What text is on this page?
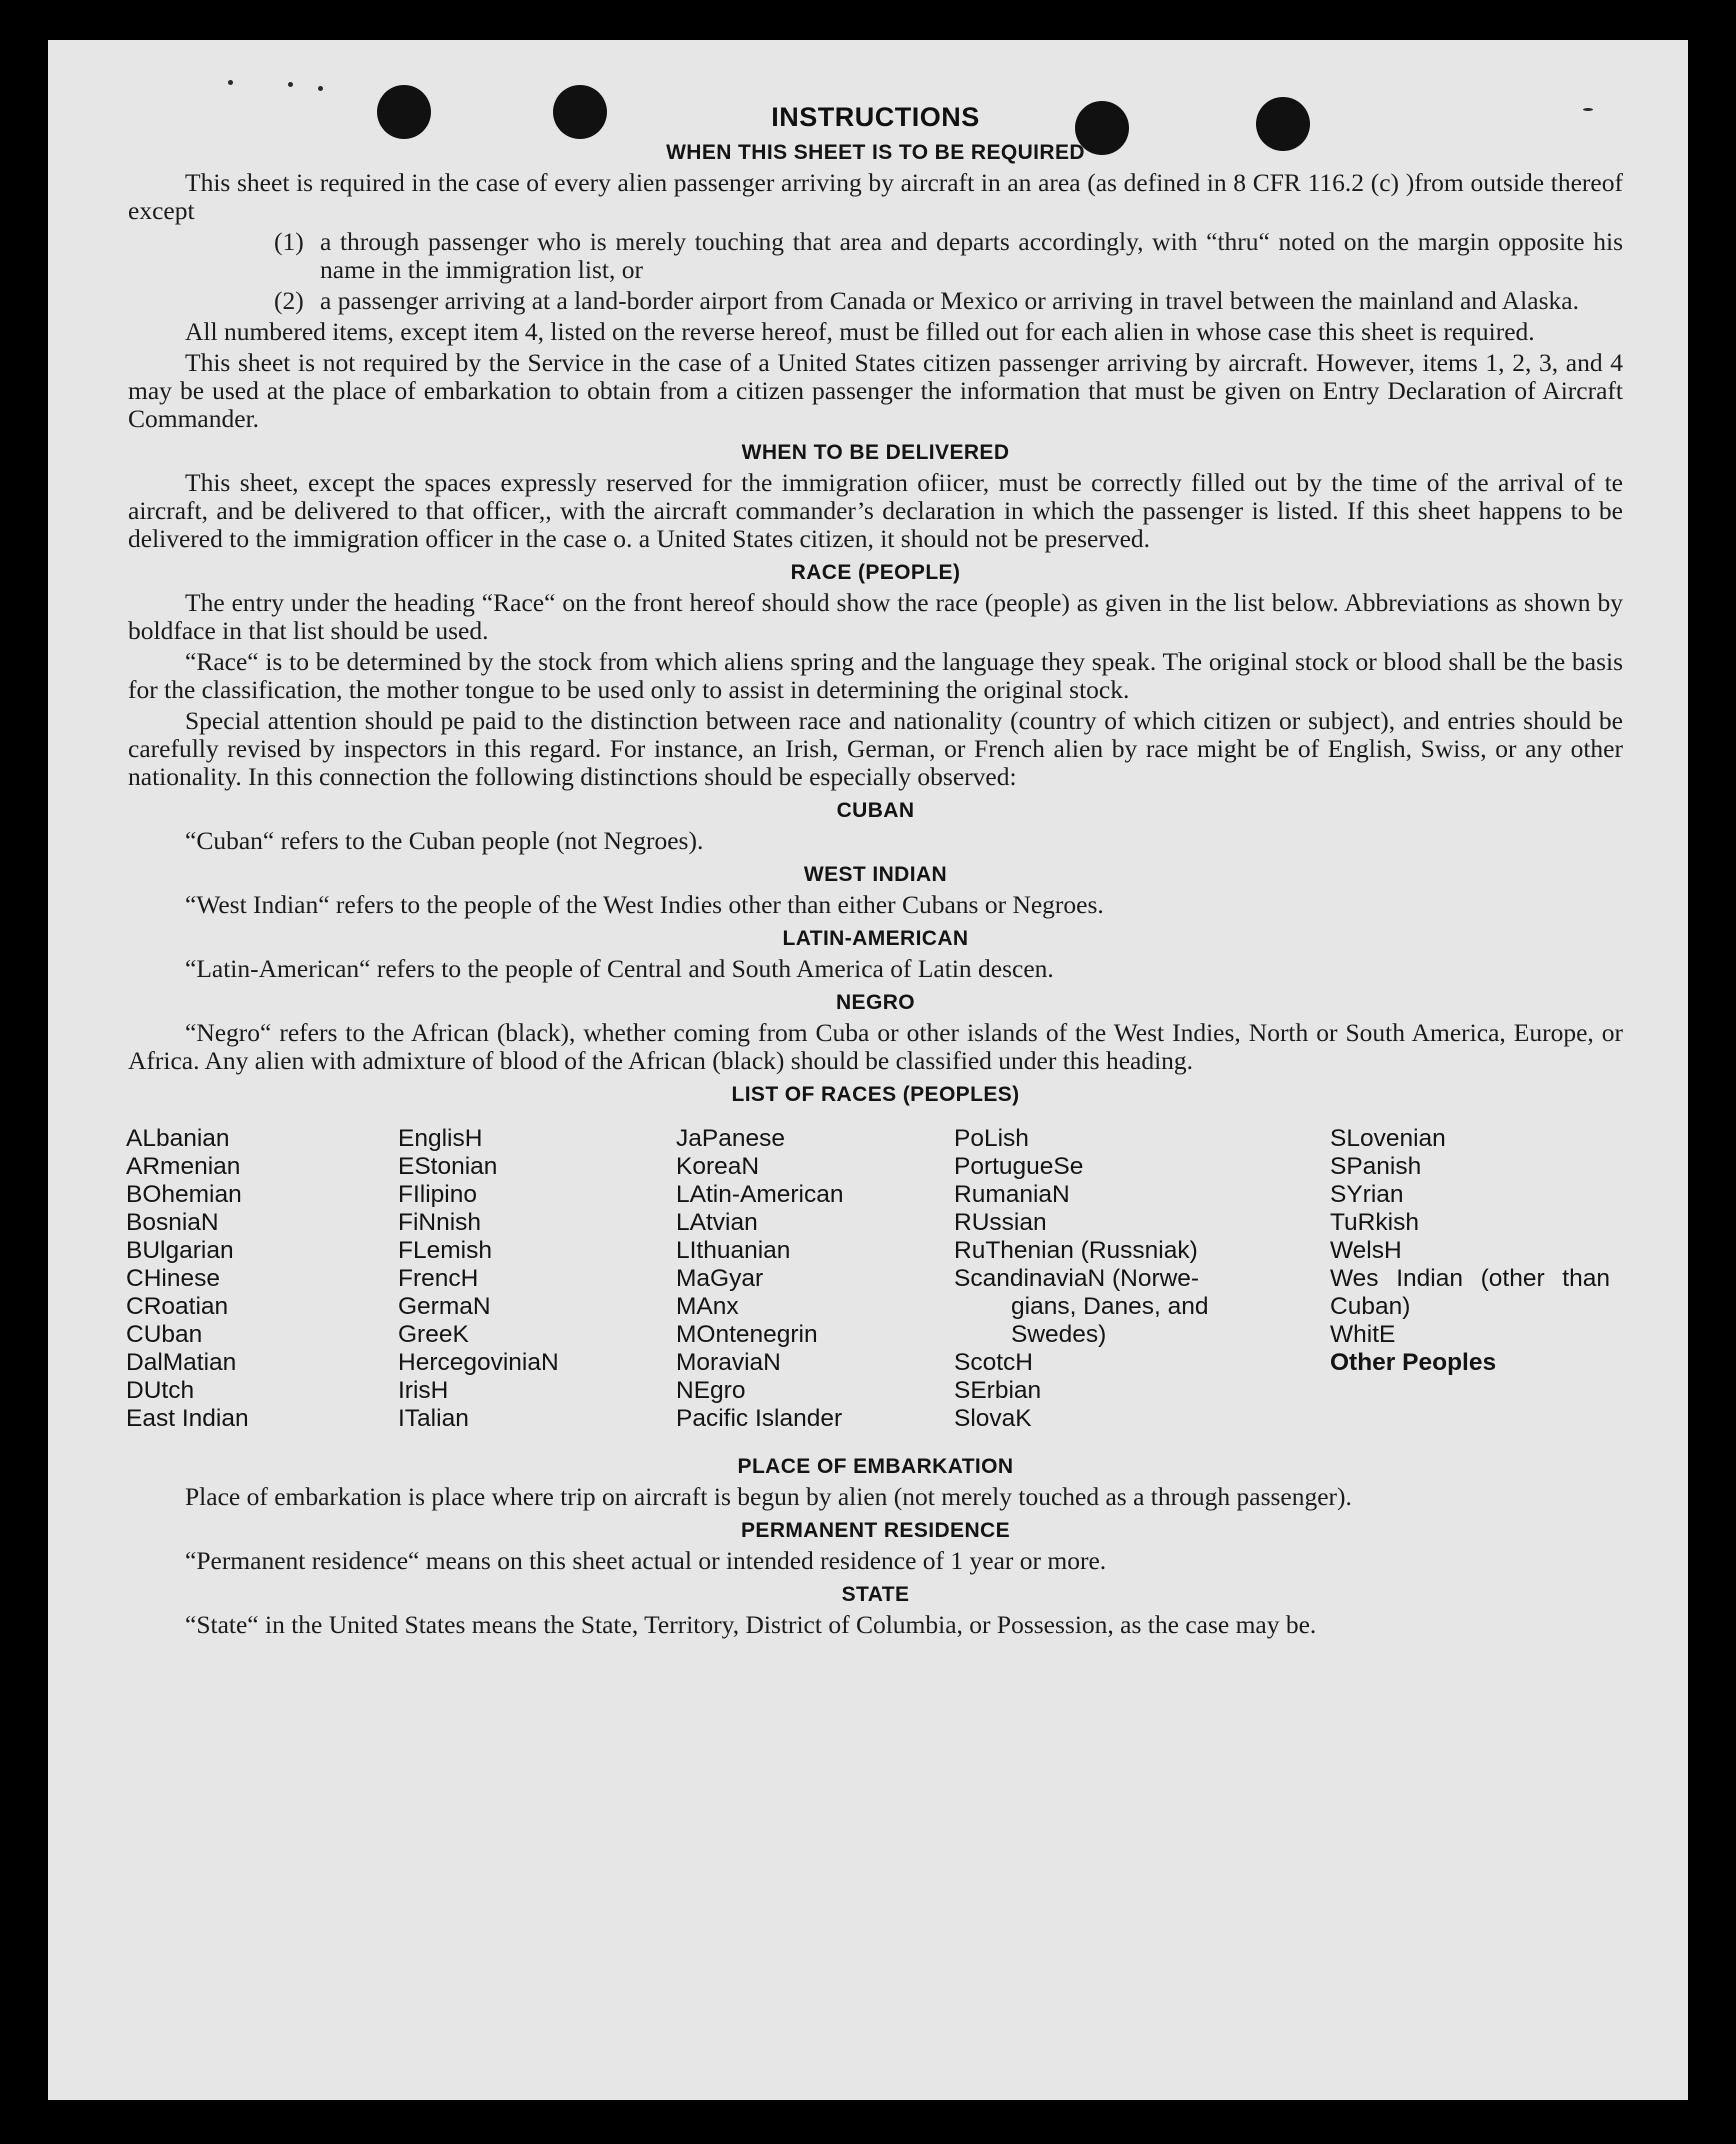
INSTRUCTIONS
WHEN THIS SHEET IS TO BE REQUIRED

This sheet is required in the case of every alien passenger arriving by aircraft in an area (as defined in 8 CFR 116.2 (c) )from outside thereof except

(1) a through passenger who is merely touching that area and departs accordingly, with “thru“ noted on the margin opposite his name in the immigration list, or
(2) a passenger arriving at a land-border airport from Canada or Mexico or arriving in travel between the mainland and Alaska.

All numbered items, except item 4, listed on the reverse hereof, must be filled out for each alien in whose case this sheet is required.

This sheet is not required by the Service in the case of a United States citizen passenger arriving by aircraft. However, items 1, 2, 3, and 4 may be used at the place of embarkation to obtain from a citizen passenger the information that must be given on Entry Declaration of Aircraft Commander.

WHEN TO BE DELIVERED

This sheet, except the spaces expressly reserved for the immigration ofiicer, must be correctly filled out by the time of the arrival of te aircraft, and be delivered to that officer,, with the aircraft commander’s declaration in which the passenger is listed. If this sheet happens to be delivered to the immigration officer in the case o. a United States citizen, it should not be preserved.

RACE (PEOPLE)

The entry under the heading “Race“ on the front hereof should show the race (people) as given in the list below. Abbreviations as shown by boldface in that list should be used.

“Race“ is to be determined by the stock from which aliens spring and the language they speak. The original stock or blood shall be the basis for the classification, the mother tongue to be used only to assist in determining the original stock.

Special attention should pe paid to the distinction between race and nationality (country of which citizen or subject), and entries should be carefully revised by inspectors in this regard. For instance, an Irish, German, or French alien by race might be of English, Swiss, or any other nationality. In this connection the following distinctions should be especially observed:

CUBAN

“Cuban“ refers to the Cuban people (not Negroes).

WEST INDIAN

“West Indian“ refers to the people of the West Indies other than either Cubans or Negroes.

LATIN-AMERICAN

“Latin-American“ refers to the people of Central and South America of Latin descen.

NEGRO

“Negro“ refers to the African (black), whether coming from Cuba or other islands of the West Indies, North or South America, Europe, or Africa. Any alien with admixture of blood of the African (black) should be classified under this heading.

LIST OF RACES (PEOPLES)
ALbanian
ARmenian
BOhemian
BosniaN
BUlgarian
CHinese
CRoatian
CUban
DalMatian
DUtch
East Indian
EnglisH
EStonian
FIlipino
FiNnish
FLemish
FrencH
GermaN
GreeK
HercegoviniaN
IrisH
ITalian
JaPanese
KoreaN
LAtin-American
LAtvian
LIthuanian
MaGyar
MAnx
MOntenegrin
MoraviaN
NEgro
Pacific Islander
PoLish
PortugueSe
RumaniaN
RUssian
RuThenian (Russniak)
ScandinaviaN (Norwe-
gians, Danes, and
Swedes)
ScotcH
SErbian
SlovaK
SLovenian
SPanish
SYrian
TuRkish
WelsH
Wes Indian (other than Cuban)
WhitE
Other Peoples
PLACE OF EMBARKATION

Place of embarkation is place where trip on aircraft is begun by alien (not merely touched as a through passenger).

PERMANENT RESIDENCE

“Permanent residence“ means on this sheet actual or intended residence of 1 year or more.

STATE

“State“ in the United States means the State, Territory, District of Columbia, or Possession, as the case may be.
